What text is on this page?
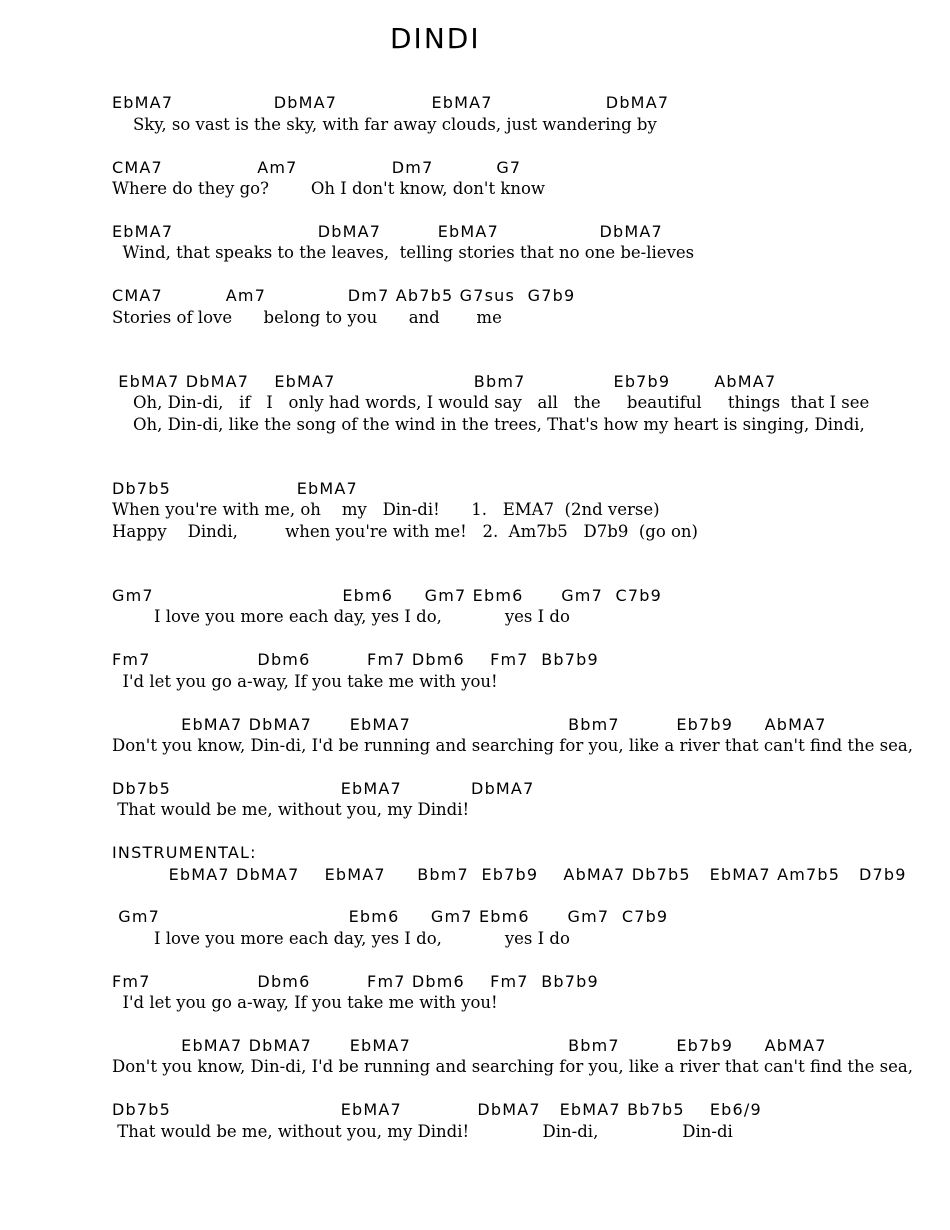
DINDI
EbMA7                DbMA7               EbMA7                  DbMA7
Sky, so vast is the sky, with far away clouds, just wandering by
CMA7               Am7               Dm7          G7
Where do they go?        Oh I don't know, don't know
EbMA7                       DbMA7         EbMA7                DbMA7
Wind, that speaks to the leaves,  telling stories that no one be-lieves
CMA7          Am7             Dm7 Ab7b5 G7sus  G7b9
Stories of love      belong to you      and       me
EbMA7 DbMA7    EbMA7                      Bbm7              Eb7b9       AbMA7
Oh, Din-di,   if   I   only had words, I would say   all   the     beautiful     things  that I see
Oh, Din-di, like the song of the wind in the trees, That's how my heart is singing, Dindi,
Db7b5                    EbMA7
When you're with me, oh    my   Din-di!      1.   EMA7  (2nd verse)
Happy    Dindi,         when you're with me!   2.  Am7b5   D7b9  (go on)
Gm7                              Ebm6     Gm7 Ebm6      Gm7  C7b9
I love you more each day, yes I do,            yes I do
Fm7                 Dbm6         Fm7 Dbm6    Fm7  Bb7b9
I'd let you go a-way, If you take me with you!
EbMA7 DbMA7      EbMA7                         Bbm7         Eb7b9     AbMA7
Don't you know, Din-di, I'd be running and searching for you, like a river that can't find the sea,
Db7b5                           EbMA7           DbMA7
That would be me, without you, my Dindi!
INSTRUMENTAL:
EbMA7 DbMA7    EbMA7     Bbm7  Eb7b9    AbMA7 Db7b5   EbMA7 Am7b5   D7b9
Gm7                              Ebm6     Gm7 Ebm6      Gm7  C7b9
I love you more each day, yes I do,            yes I do
Fm7                 Dbm6         Fm7 Dbm6    Fm7  Bb7b9
I'd let you go a-way, If you take me with you!
EbMA7 DbMA7      EbMA7                         Bbm7         Eb7b9     AbMA7
Don't you know, Din-di, I'd be running and searching for you, like a river that can't find the sea,
Db7b5                           EbMA7            DbMA7   EbMA7 Bb7b5    Eb6/9
That would be me, without you, my Dindi!              Din-di,                Din-di
